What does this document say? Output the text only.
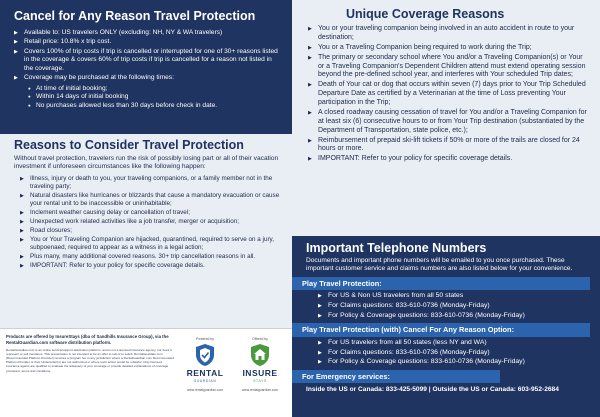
Cancel for Any Reason Travel Protection
▶ Available to: US travelers ONLY (excluding: NH, NY & WA travelers)
▶ Retail price: 10.8% x trip cost.
▶ Covers 100% of trip costs if trip is cancelled or interrupted for one of 30+ reasons listed in the coverage & covers 60% of trip costs if trip is cancelled for a reason not listed in the coverage.
▶ Coverage may be purchased at the following times:
● At time of initial booking;
● Within 14 days of initial booking
● No purchases allowed less than 30 days before check in date.
Reasons to Consider Travel Protection
Without travel protection, travelers run the risk of possibly losing part or all of their vacation investment if unforeseen circumstances like the following happen:
▶ Illness, injury or death to you, your traveling companions, or a family member not in the traveling party;
▶ Natural disasters like hurricanes or blizzards that cause a mandatory evacuation or cause your rental unit to be inaccessible or uninhabitable;
▶ Inclement weather causing delay or cancellation of travel;
▶ Unexpected work related activities like a job transfer, merger or acquisition;
▶ Road closures;
▶ You or Your Traveling Companion are hijacked, quarantined, required to serve on a jury, subpoenaed, required to appear as a witness in a legal action;
▶ Plus many, many additional covered reasons. 30+ trip cancellation reasons in all.
▶ IMPORTANT: Refer to your policy for specific coverage details.
Products are offered by InsureStays (dba of Sandhills Insurance Group), via the RentalGuardian.com software distribution platform.
RentalGuardian.com is an online service/support distribution platform, and is not a licensed insurance agency, nor does it represent or sell insurance. This presentation is not intended to be an offer to sell or to solicit. RentalGuardian.com (Recommended Platform Provider) receives a program fee in any jurisdiction where a RentalGuardian.com Recommended Platform Provider or their Underwriter(s) are not authorized or where such action would be unlawful. Only licensed insurance agents are qualified to evaluate the adequacy of your coverage or provide detailed explanations of coverage provisions, terms and conditions.
Powered by
RENTAL
GUARDIAN
www.rentalguardian.com
Offered by
INSURE
STAYS
www.rentalguardian.com
Unique Coverage Reasons
▶ You or your traveling companion being involved in an auto accident in route to your destination;
▶ You or a Traveling Companion being required to work during the Trip;
▶ The primary or secondary school where You and/or a Traveling Companion(s) or Your or a Traveling Companion's Dependent Children attend must extend operating session beyond the pre-defined school year, and interferes with Your scheduled Trip dates;
▶ Death of Your cat or dog that occurs within seven (7) days prior to Your Trip Scheduled Departure Date as certified by a Veterinarian at the time of Loss preventing Your participation in the Trip;
▶ A closed roadway causing cessation of travel for You and/or a Traveling Companion for at least six (6) consecutive hours to or from Your Trip destination (substantiated by the Department of Transportation, state police, etc.);
▶ Reimbursement of prepaid ski-lift tickets if 50% or more of the trails are closed for 24 hours or more.
▶ IMPORTANT: Refer to your policy for specific coverage details.
Important Telephone Numbers
Documents and important phone numbers will be emailed to you once purchased. These important customer service and claims numbers are also listed below for your convenience.
Play Travel Protection:
▶ For US & Non US travelers from all 50 states
▶ For Claims questions: 833-610-0736 (Monday-Friday)
▶ For Policy & Coverage questions: 833-610-0736 (Monday-Friday)
Play Travel Protection (with) Cancel For Any Reason Option:
▶ For US travelers from all 50 states (less NY and WA)
▶ For Claims questions: 833-610-0736 (Monday-Friday)
▶ For Policy & Coverage questions: 833-610-0736 (Monday-Friday)
For Emergency services:
Inside the US or Canada: 833-425-5099 | Outside the US or Canada: 603-952-2684
